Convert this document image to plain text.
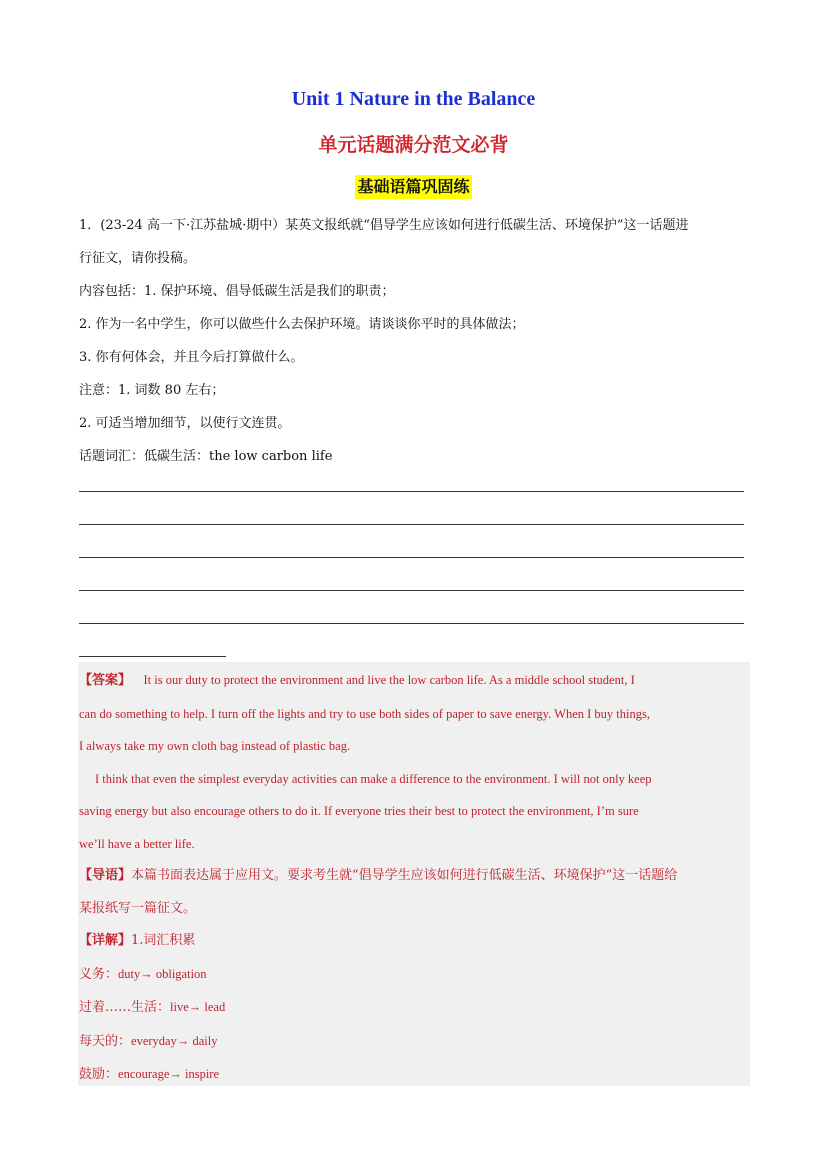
Unit 1 Nature in the Balance
单元话题满分范文必背
基础语篇巩固练

1．(23-24 高一下·江苏盐城·期中）某英文报纸就“倡导学生应该如何进行低碳生活、环境保护”这一话题进

行征文，请你投稿。

内容包括：1. 保护环境、倡导低碳生活是我们的职责；

2. 作为一名中学生，你可以做些什么去保护环境。请谈谈你平时的具体做法；

3. 你有何体会，并且今后打算做什么。

注意：1. 词数 80 左右；

2. 可适当增加细节，以使行文连贯。

话题词汇：低碳生活：the low carbon life

【答案】 It is our duty to protect the environment and live the low carbon life. As a middle school student, I

can do something to help. I turn off the lights and try to use both sides of paper to save energy. When I buy things,

I always take my own cloth bag instead of plastic bag.

I think that even the simplest everyday activities can make a difference to the environment. I will not only keep

saving energy but also encourage others to do it. If everyone tries their best to protect the environment, I’m sure

we’ll have a better life.

【导语】本篇书面表达属于应用文。要求考生就“倡导学生应该如何进行低碳生活、环境保护”这一话题给

某报纸写一篇征文。

【详解】1.词汇积累

义务：duty→ obligation

过着……生活：live→ lead

每天的：everyday→ daily

鼓励：encourage→ inspire
